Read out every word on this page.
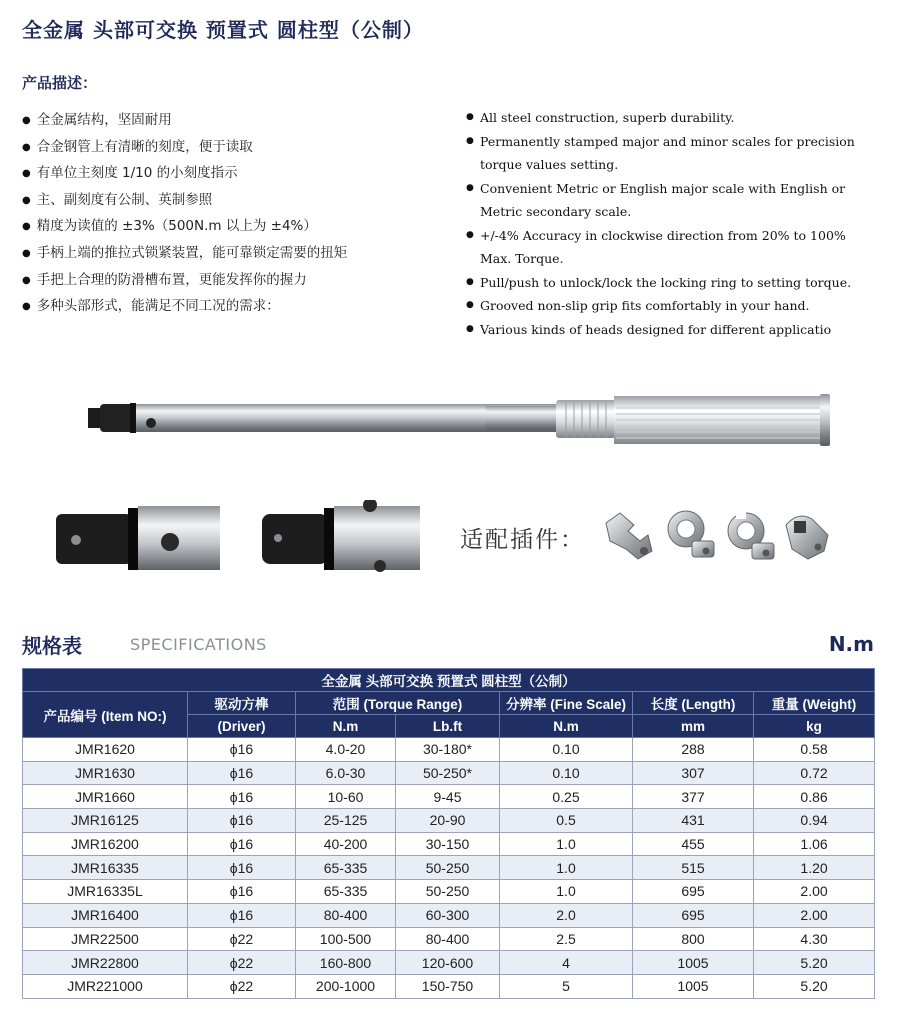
全金属 头部可交换 预置式 圆柱型（公制）
产品描述：
● 全金属结构，坚固耐用
● 合金钢管上有清晰的刻度，便于读取
● 有单位主刻度 1/10 的小刻度指示
● 主、副刻度有公制、英制参照
● 精度为读值的 ±3%（500N.m 以上为 ±4%）
● 手柄上端的推拉式锁紧装置，能可靠锁定需要的扭矩
● 手把上合理的防滑槽布置，更能发挥你的握力
● 多种头部形式，能满足不同工况的需求：
● All steel construction, superb durability.
● Permanently stamped major and minor scales for precision torque values setting.
● Convenient Metric or English major scale with English or Metric secondary scale.
● +/-4% Accuracy in clockwise direction from 20% to 100% Max. Torque.
● Pull/push to unlock/lock the locking ring to setting torque.
● Grooved non-slip grip fits comfortably in your hand.
● Various kinds of heads designed for different applicatio
适配插件：
规格表	SPECIFICATIONS	N.m
全金属 头部可交换 预置式 圆柱型（公制）						
产品编号 (Item NO:)	驱动方榫	范围 (Torque Range)		分辨率 (Fine Scale)	长度 (Length)	重量 (Weight)
	(Driver)	N.m	Lb.ft	N.m	mm	kg
JMR1620	ϕ16	4.0-20	30-180*	0.10	288	0.58
JMR1630	ϕ16	6.0-30	50-250*	0.10	307	0.72
JMR1660	ϕ16	10-60	9-45	0.25	377	0.86
JMR16125	ϕ16	25-125	20-90	0.5	431	0.94
JMR16200	ϕ16	40-200	30-150	1.0	455	1.06
JMR16335	ϕ16	65-335	50-250	1.0	515	1.20
JMR16335L	ϕ16	65-335	50-250	1.0	695	2.00
JMR16400	ϕ16	80-400	60-300	2.0	695	2.00
JMR22500	ϕ22	100-500	80-400	2.5	800	4.30
JMR22800	ϕ22	160-800	120-600	4	1005	5.20
JMR221000	ϕ22	200-1000	150-750	5	1005	5.20
